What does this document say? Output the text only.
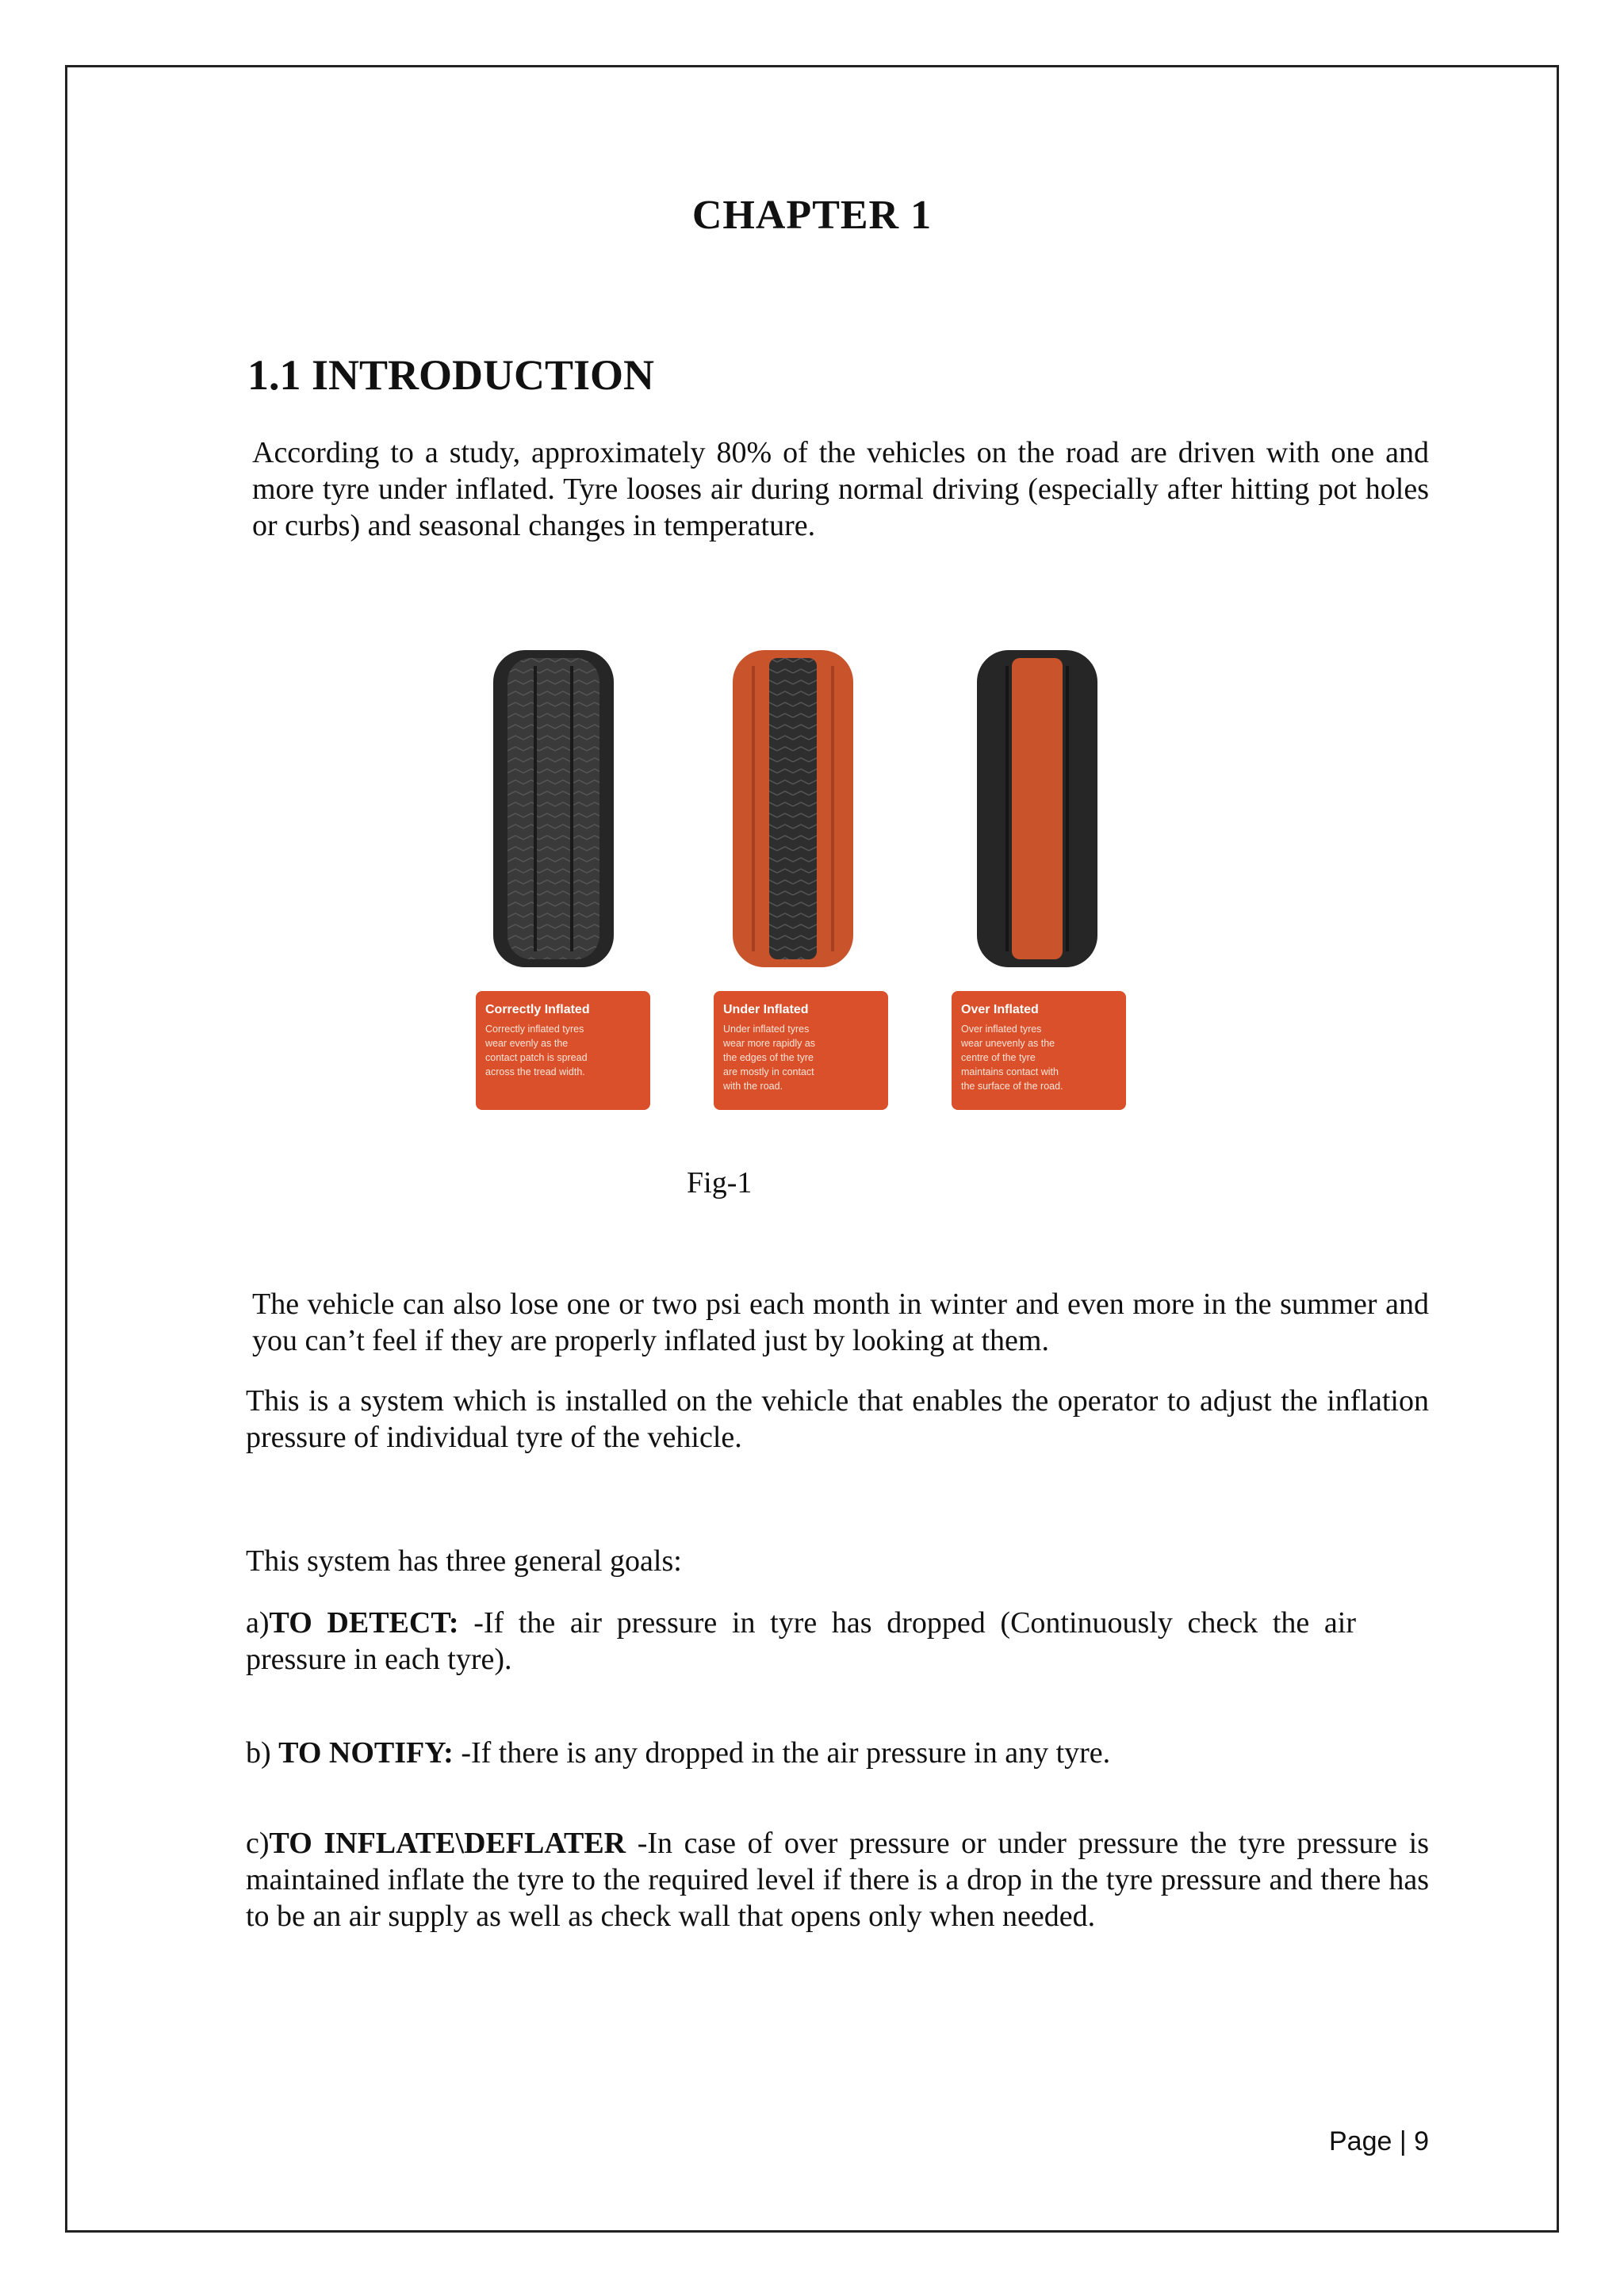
CHAPTER 1
1.1 INTRODUCTION
According to a study, approximately 80% of the vehicles on the road are driven with one and more tyre under inflated. Tyre looses air during normal driving (especially after hitting pot holes or curbs) and seasonal changes in temperature.
Correctly Inflated
Correctly inflated tyres
wear evenly as the
contact patch is spread
across the tread width.
Under Inflated
Under inflated tyres
wear more rapidly as
the edges of the tyre
are mostly in contact
with the road.
Over Inflated
Over inflated tyres
wear unevenly as the
centre of the tyre
maintains contact with
the surface of the road.
Fig-1
The vehicle can also lose one or two psi each month in winter and even more in the summer and you can’t feel if they are properly inflated just by looking at them.
This is a system which is installed on the vehicle that enables the operator to adjust the inflation pressure of individual tyre of the vehicle.
This system has three general goals:
a)TO DETECT: -If the air pressure in tyre has dropped (Continuously check the air pressure in each tyre).
b) TO NOTIFY: -If there is any dropped in the air pressure in any tyre.
c)TO INFLATE\DEFLATER -In case of over pressure or under pressure the tyre pressure is maintained inflate the tyre to the required level if there is a drop in the tyre pressure and there has to be an air supply as well as check wall that opens only when needed.
Page | 9
